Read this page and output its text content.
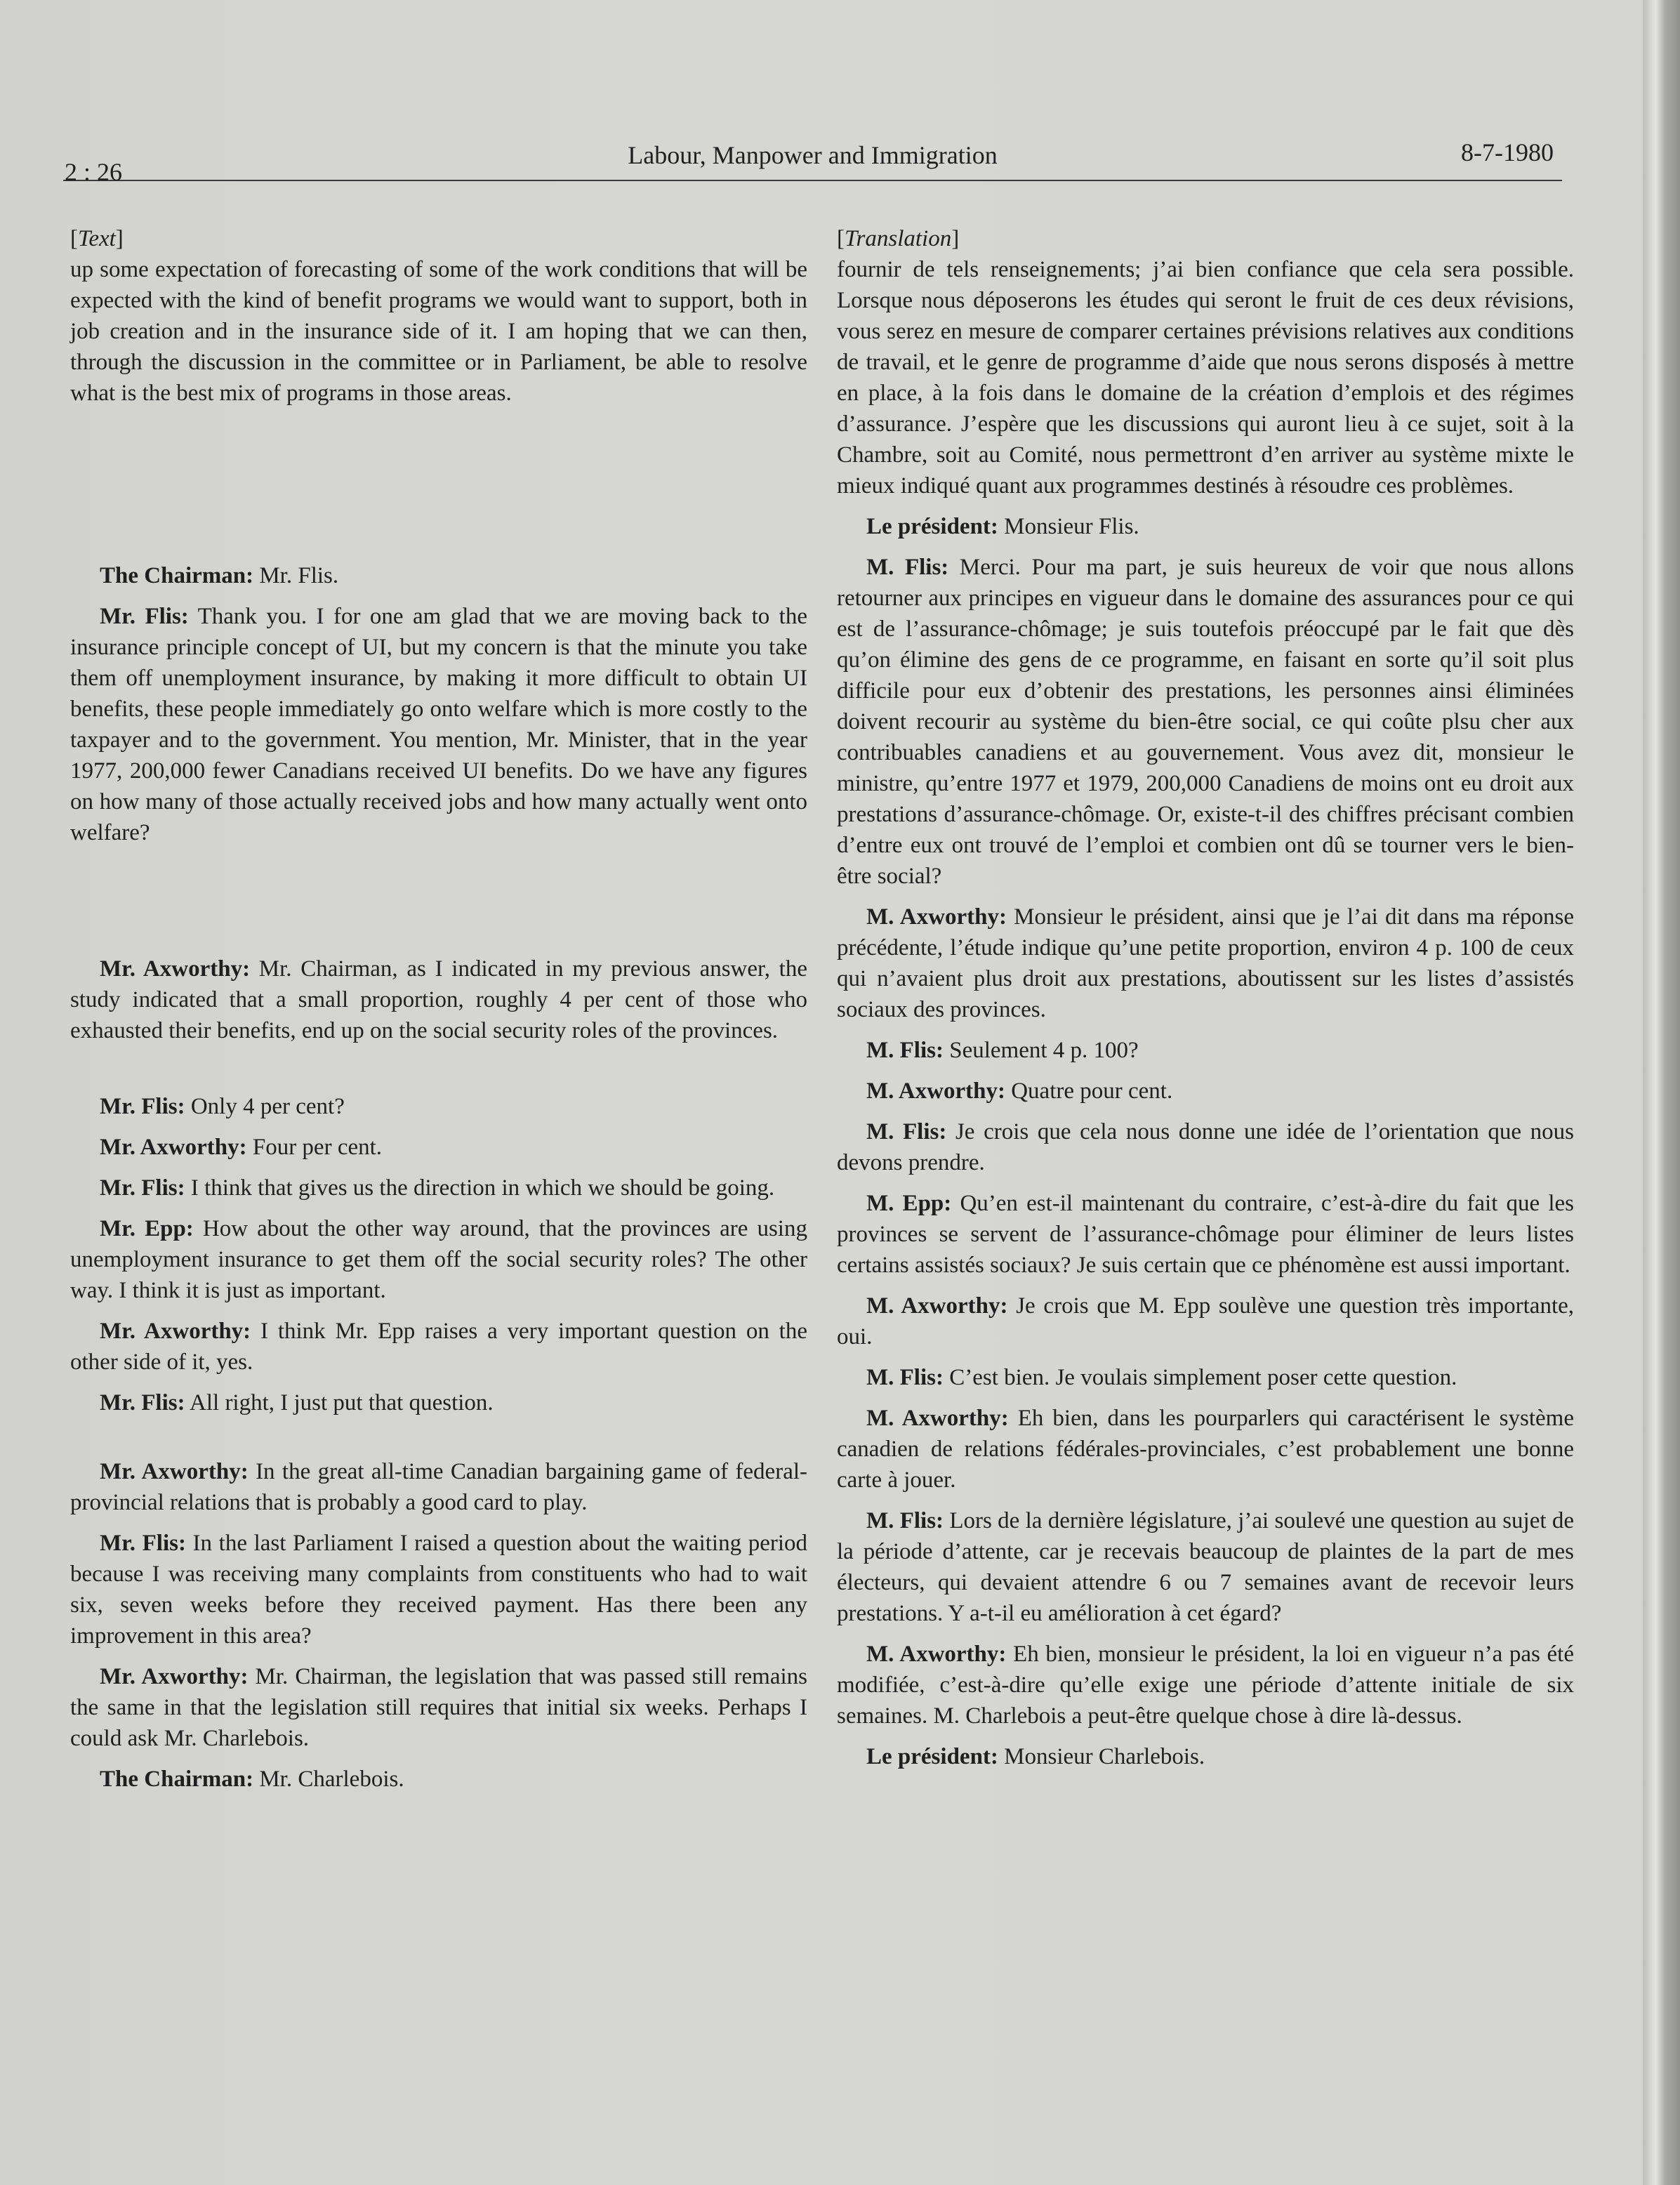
2 : 26
Labour, Manpower and Immigration	8-7-1980

[Text]

up some expectation of forecasting of some of the work conditions that will be expected with the kind of benefit programs we would want to support, both in job creation and in the insurance side of it. I am hoping that we can then, through the discussion in the committee or in Parliament, be able to resolve what is the best mix of programs in those areas.

The Chairman: Mr. Flis.

Mr. Flis: Thank you. I for one am glad that we are moving back to the insurance principle concept of UI, but my concern is that the minute you take them off unemployment insurance, by making it more difficult to obtain UI benefits, these people immediately go onto welfare which is more costly to the taxpayer and to the government. You mention, Mr. Minister, that in the year 1977, 200,000 fewer Canadians received UI benefits. Do we have any figures on how many of those actually received jobs and how many actually went onto welfare?

Mr. Axworthy: Mr. Chairman, as I indicated in my previous answer, the study indicated that a small proportion, roughly 4 per cent of those who exhausted their benefits, end up on the social security roles of the provinces.

Mr. Flis: Only 4 per cent?

Mr. Axworthy: Four per cent.

Mr. Flis: I think that gives us the direction in which we should be going.

Mr. Epp: How about the other way around, that the provinces are using unemployment insurance to get them off the social security roles? The other way. I think it is just as important.

Mr. Axworthy: I think Mr. Epp raises a very important question on the other side of it, yes.

Mr. Flis: All right, I just put that question.

Mr. Axworthy: In the great all-time Canadian bargaining game of federal-provincial relations that is probably a good card to play.

Mr. Flis: In the last Parliament I raised a question about the waiting period because I was receiving many complaints from constituents who had to wait six, seven weeks before they received payment. Has there been any improvement in this area?

Mr. Axworthy: Mr. Chairman, the legislation that was passed still remains the same in that the legislation still requires that initial six weeks. Perhaps I could ask Mr. Charlebois.

The Chairman: Mr. Charlebois.

[Translation]

fournir de tels renseignements; j’ai bien confiance que cela sera possible. Lorsque nous déposerons les études qui seront le fruit de ces deux révisions, vous serez en mesure de comparer certaines prévisions relatives aux conditions de travail, et le genre de programme d’aide que nous serons disposés à mettre en place, à la fois dans le domaine de la création d’emplois et des régimes d’assurance. J’espère que les discussions qui auront lieu à ce sujet, soit à la Chambre, soit au Comité, nous permettront d’en arriver au système mixte le mieux indiqué quant aux programmes destinés à résoudre ces problèmes.

Le président: Monsieur Flis.

M. Flis: Merci. Pour ma part, je suis heureux de voir que nous allons retourner aux principes en vigueur dans le domaine des assurances pour ce qui est de l’assurance-chômage; je suis toutefois préoccupé par le fait que dès qu’on élimine des gens de ce programme, en faisant en sorte qu’il soit plus difficile pour eux d’obtenir des prestations, les personnes ainsi éliminées doivent recourir au système du bien-être social, ce qui coûte plsu cher aux contribuables canadiens et au gouvernement. Vous avez dit, monsieur le ministre, qu’entre 1977 et 1979, 200,000 Canadiens de moins ont eu droit aux prestations d’assurance-chômage. Or, existe-t-il des chiffres précisant combien d’entre eux ont trouvé de l’emploi et combien ont dû se tourner vers le bien-être social?

M. Axworthy: Monsieur le président, ainsi que je l’ai dit dans ma réponse précédente, l’étude indique qu’une petite proportion, environ 4 p. 100 de ceux qui n’avaient plus droit aux prestations, aboutissent sur les listes d’assistés sociaux des provinces.

M. Flis: Seulement 4 p. 100?

M. Axworthy: Quatre pour cent.

M. Flis: Je crois que cela nous donne une idée de l’orientation que nous devons prendre.

M. Epp: Qu’en est-il maintenant du contraire, c’est-à-dire du fait que les provinces se servent de l’assurance-chômage pour éliminer de leurs listes certains assistés sociaux? Je suis certain que ce phénomène est aussi important.

M. Axworthy: Je crois que M. Epp soulève une question très importante, oui.

M. Flis: C’est bien. Je voulais simplement poser cette question.

M. Axworthy: Eh bien, dans les pourparlers qui caractérisent le système canadien de relations fédérales-provinciales, c’est probablement une bonne carte à jouer.

M. Flis: Lors de la dernière législature, j’ai soulevé une question au sujet de la période d’attente, car je recevais beaucoup de plaintes de la part de mes électeurs, qui devaient attendre 6 ou 7 semaines avant de recevoir leurs prestations. Y a-t-il eu amélioration à cet égard?

M. Axworthy: Eh bien, monsieur le président, la loi en vigueur n’a pas été modifiée, c’est-à-dire qu’elle exige une période d’attente initiale de six semaines. M. Charlebois a peut-être quelque chose à dire là-dessus.

Le président: Monsieur Charlebois.
